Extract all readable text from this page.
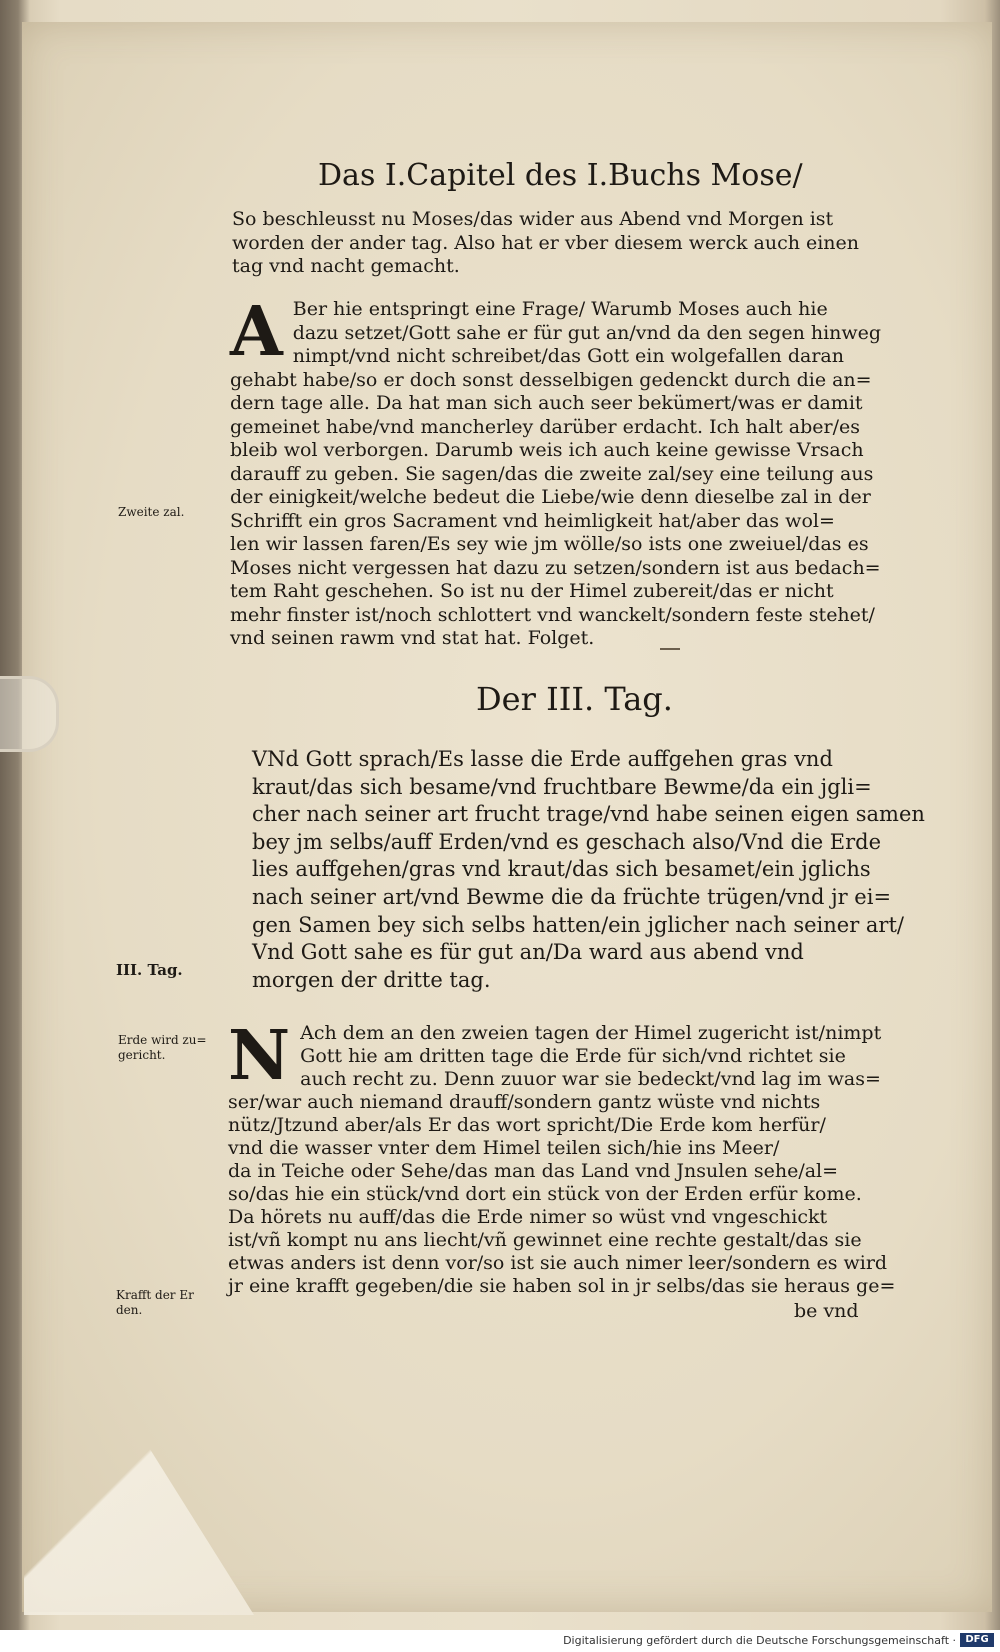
Das I.Capitel des I.Buchs Mose/

So beschleusst nu Moses/das wider aus Abend vnd Morgen ist

worden der ander tag. Also hat er vber diesem werck auch einen

tag vnd nacht gemacht.

A Ber hie entspringt eine Frage/ Warumb Moses auch hie

dazu setzet/Gott sahe er für gut an/vnd da den segen hinweg

nimpt/vnd nicht schreibet/das Gott ein wolgefallen daran

gehabt habe/so er doch sonst desselbigen gedenckt durch die an=

dern tage alle. Da hat man sich auch seer bekümert/was er damit

gemeinet habe/vnd mancherley darüber erdacht. Ich halt aber/es

bleib wol verborgen. Darumb weis ich auch keine gewisse Vrsach

darauff zu geben. Sie sagen/das die zweite zal/sey eine teilung aus

der einigkeit/welche bedeut die Liebe/wie denn dieselbe zal in der

Schrifft ein gros Sacrament vnd heimligkeit hat/aber das wol=

len wir lassen faren/Es sey wie jm wölle/so ists one zweiuel/das es

Moses nicht vergessen hat dazu zu setzen/sondern ist aus bedach=

tem Raht geschehen. So ist nu der Himel zubereit/das er nicht

mehr finster ist/noch schlottert vnd wanckelt/sondern feste stehet/

vnd seinen rawm vnd stat hat. Folget.

Der III. Tag.

VNd Gott sprach/Es lasse die Erde auffgehen gras vnd

kraut/das sich besame/vnd fruchtbare Bewme/da ein jgli=

cher nach seiner art frucht trage/vnd habe seinen eigen samen

bey jm selbs/auff Erden/vnd es geschach also/Vnd die Erde

lies auffgehen/gras vnd kraut/das sich besamet/ein jglichs

nach seiner art/vnd Bewme die da früchte trügen/vnd jr ei=

gen Samen bey sich selbs hatten/ein jglicher nach seiner art/

Vnd Gott sahe es für gut an/Da ward aus abend vnd

morgen der dritte tag.

N Ach dem an den zweien tagen der Himel zugericht ist/nimpt

Gott hie am dritten tage die Erde für sich/vnd richtet sie

auch recht zu. Denn zuuor war sie bedeckt/vnd lag im was=

ser/war auch niemand drauff/sondern gantz wüste vnd nichts

nütz/Jtzund aber/als Er das wort spricht/Die Erde kom herfür/

vnd die wasser vnter dem Himel teilen sich/hie ins Meer/

da in Teiche oder Sehe/das man das Land vnd Jnsulen sehe/al=

so/das hie ein stück/vnd dort ein stück von der Erden erfür kome.

Da hörets nu auff/das die Erde nimer so wüst vnd vngeschickt

ist/vñ kompt nu ans liecht/vñ gewinnet eine rechte gestalt/das sie

etwas anders ist denn vor/so ist sie auch nimer leer/sondern es wird

jr eine krafft gegeben/die sie haben sol in jr selbs/das sie heraus ge=

be vnd
Zweite zal.
III. Tag.
Erde wird zu=
gericht.
Krafft der Er
den.
Digitalisierung gefördert durch die Deutsche Forschungsgemeinschaft · DFG
